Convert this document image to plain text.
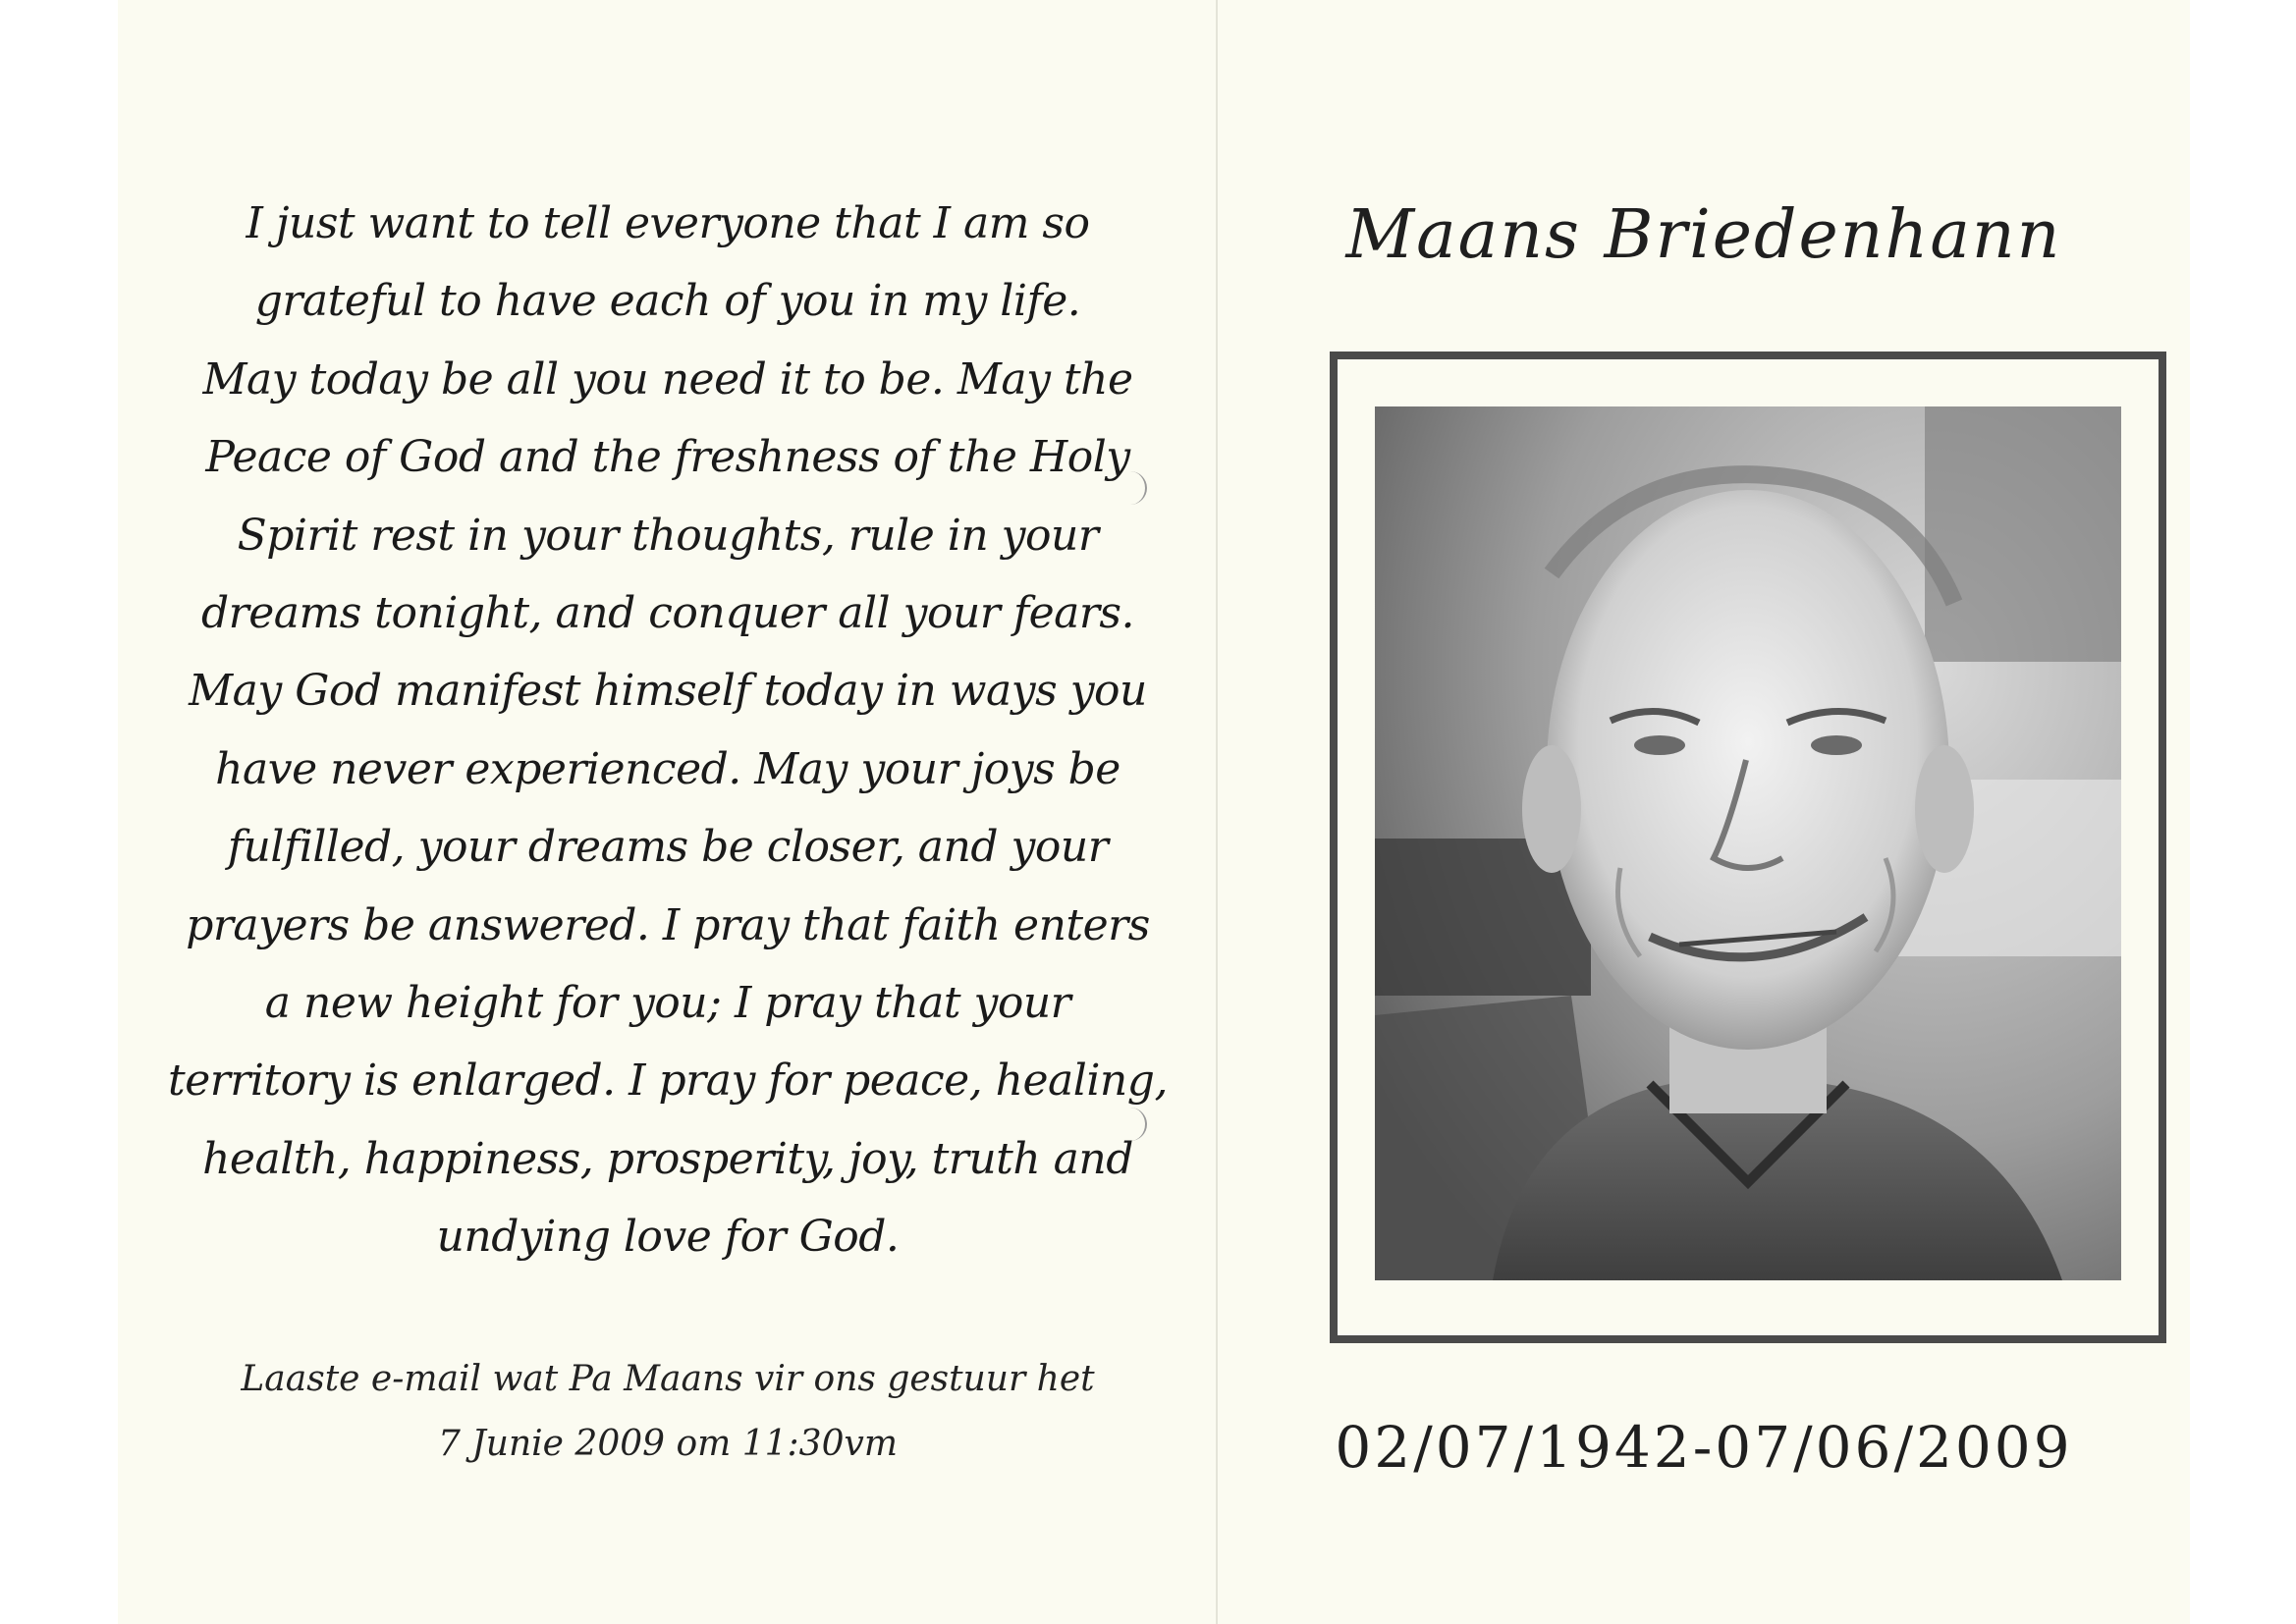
I just want to tell everyone that I am so
grateful to have each of you in my life.
May today be all you need it to be. May the
Peace of God and the freshness of the Holy
Spirit rest in your thoughts, rule in your
dreams tonight, and conquer all your fears.
May God manifest himself today in ways you
have never experienced. May your joys be
fulfilled, your dreams be closer, and your
prayers be answered. I pray that faith enters
a new height for you; I pray that your
territory is enlarged. I pray for peace, healing,
health, happiness, prosperity, joy, truth and
undying love for God.
Laaste e-mail wat Pa Maans vir ons gestuur het
7 Junie 2009 om 11:30vm
Maans Briedenhann
02/07/1942-07/06/2009
